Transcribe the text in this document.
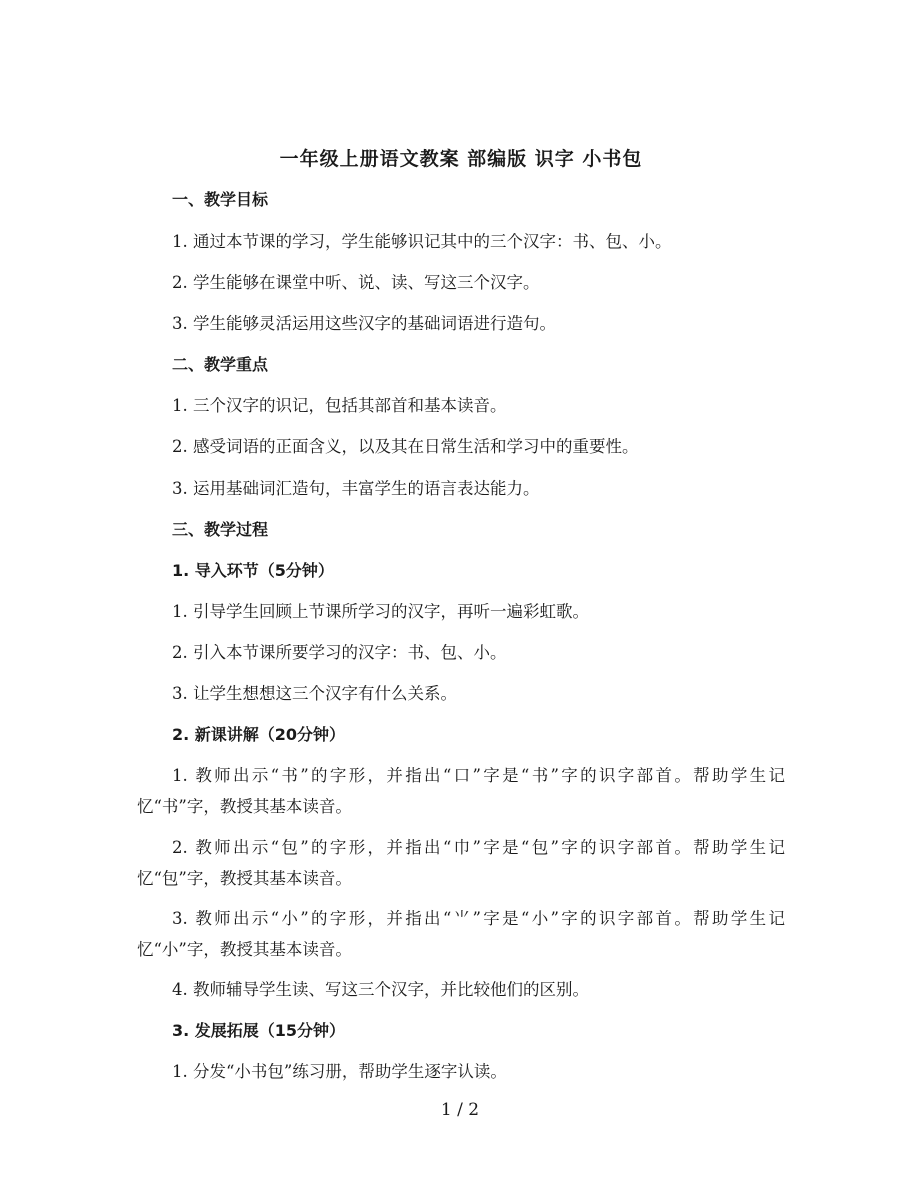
一年级上册语文教案 部编版 识字 小书包
一、教学目标
1. 通过本节课的学习，学生能够识记其中的三个汉字：书、包、小。
2. 学生能够在课堂中听、说、读、写这三个汉字。
3. 学生能够灵活运用这些汉字的基础词语进行造句。
二、教学重点
1. 三个汉字的识记，包括其部首和基本读音。
2. 感受词语的正面含义，以及其在日常生活和学习中的重要性。
3. 运用基础词汇造句，丰富学生的语言表达能力。
三、教学过程
1. 导入环节（5分钟）
1. 引导学生回顾上节课所学习的汉字，再听一遍彩虹歌。
2. 引入本节课所要学习的汉字：书、包、小。
3. 让学生想想这三个汉字有什么关系。
2. 新课讲解（20分钟）
1. 教师出示“书”的字形，并指出“口”字是“书”字的识字部首。帮助学生记忆“书”字，教授其基本读音。
2. 教师出示“包”的字形，并指出“巾”字是“包”字的识字部首。帮助学生记忆“包”字，教授其基本读音。
3. 教师出示“小”的字形，并指出“⺌”字是“小”字的识字部首。帮助学生记忆“小”字，教授其基本读音。
4. 教师辅导学生读、写这三个汉字，并比较他们的区别。
3. 发展拓展（15分钟）
1. 分发“小书包”练习册，帮助学生逐字认读。
1 / 2
